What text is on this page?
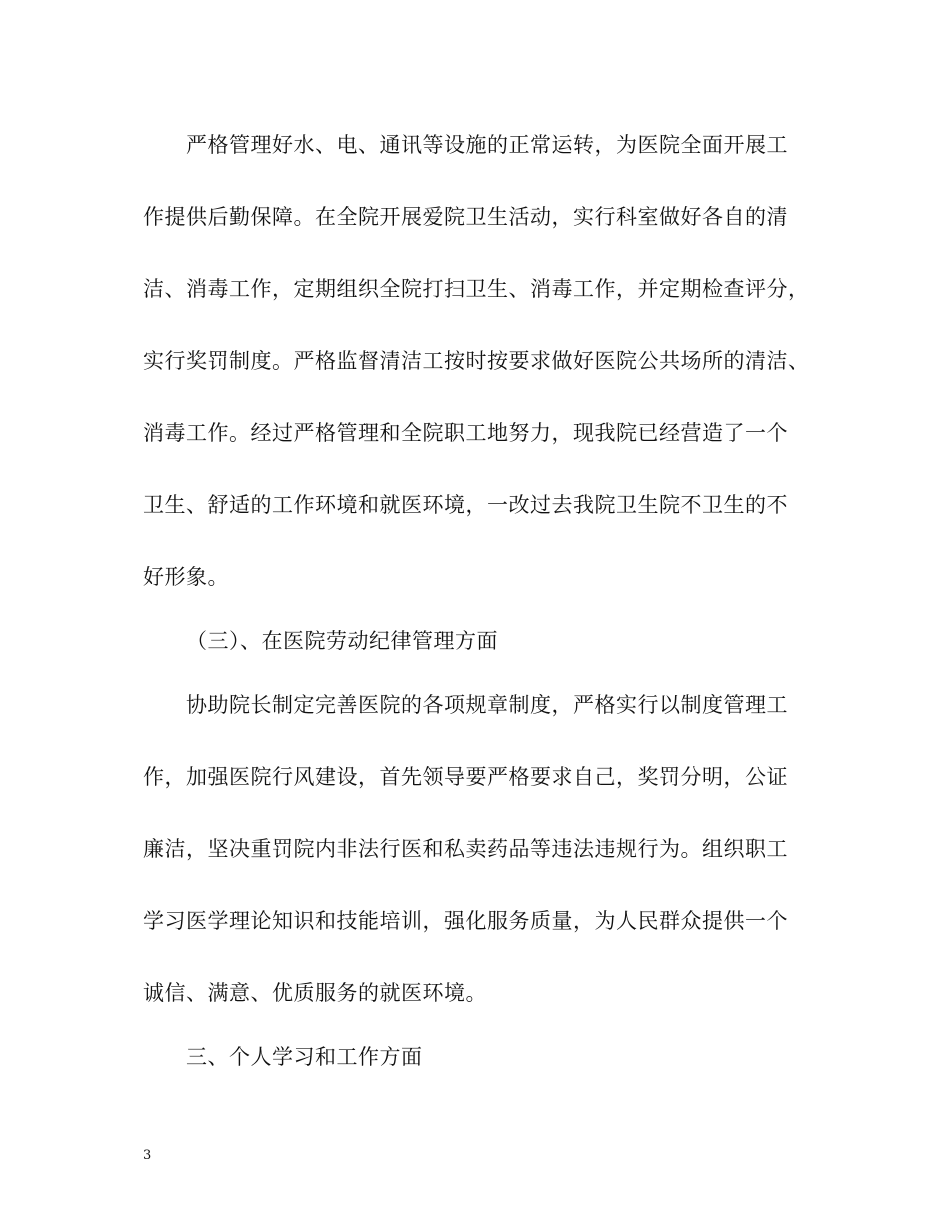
严格管理好水、电、通讯等设施的正常运转，为医院全面开展工
作提供后勤保障。在全院开展爱院卫生活动，实行科室做好各自的清
洁、消毒工作，定期组织全院打扫卫生、消毒工作，并定期检查评分，
实行奖罚制度。严格监督清洁工按时按要求做好医院公共场所的清洁、
消毒工作。经过严格管理和全院职工地努力，现我院已经营造了一个
卫生、舒适的工作环境和就医环境，一改过去我院卫生院不卫生的不
好形象。
（三）、在医院劳动纪律管理方面
协助院长制定完善医院的各项规章制度，严格实行以制度管理工
作，加强医院行风建设，首先领导要严格要求自己，奖罚分明，公证
廉洁，坚决重罚院内非法行医和私卖药品等违法违规行为。组织职工
学习医学理论知识和技能培训，强化服务质量，为人民群众提供一个
诚信、满意、优质服务的就医环境。
三、个人学习和工作方面
3
